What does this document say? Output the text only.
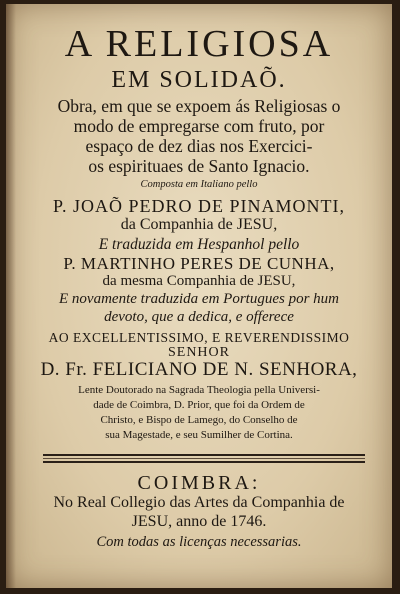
A RELIGIOSA
EM SOLIDAÕ.
Obra, em que se expoem ás Religiosas o
modo de empregarse com fruto, por
espaço de dez dias nos Exercici-
os espirituaes de Santo Ignacio.
Composta em Italiano pello
P. JOAÕ PEDRO DE PINAMONTI,
da Companhia de JESU,
E traduzida em Hespanhol pello
P. MARTINHO PERES DE CUNHA,
da mesma Companhia de JESU,
E novamente traduzida em Portugues por hum
devoto, que a dedica, e offerece
AO EXCELLENTISSIMO, E REVERENDISSIMO
SENHOR
D. Fr. FELICIANO DE N. SENHORA,
Lente Doutorado na Sagrada Theologia pella Universi-
dade de Coimbra, D. Prior, que foi da Ordem de
Christo, e Bispo de Lamego, do Conselho de
sua Magestade, e seu Sumilher de Cortina.
COIMBRA:
No Real Collegio das Artes da Companhia de
JESU, anno de 1746.
Com todas as licenças necessarias.
